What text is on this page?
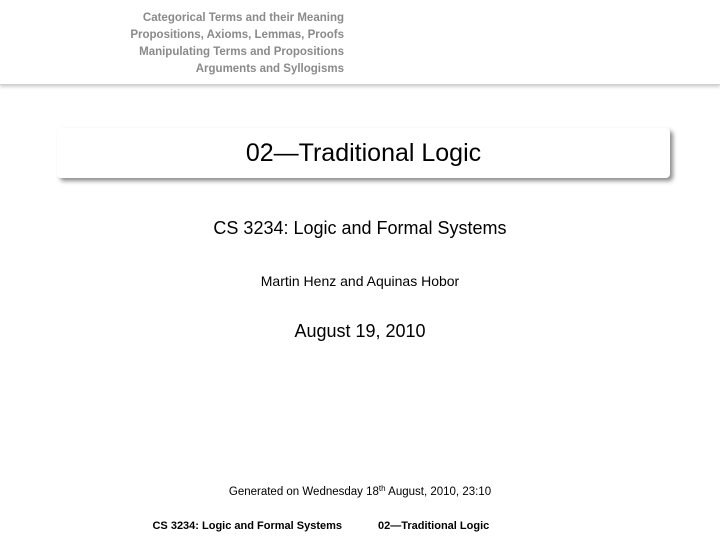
Categorical Terms and their Meaning
Propositions, Axioms, Lemmas, Proofs
Manipulating Terms and Propositions
Arguments and Syllogisms
02—Traditional Logic
CS 3234: Logic and Formal Systems
Martin Henz and Aquinas Hobor
August 19, 2010
Generated on Wednesday 18th August, 2010, 23:10
CS 3234: Logic and Formal Systems	02—Traditional Logic
